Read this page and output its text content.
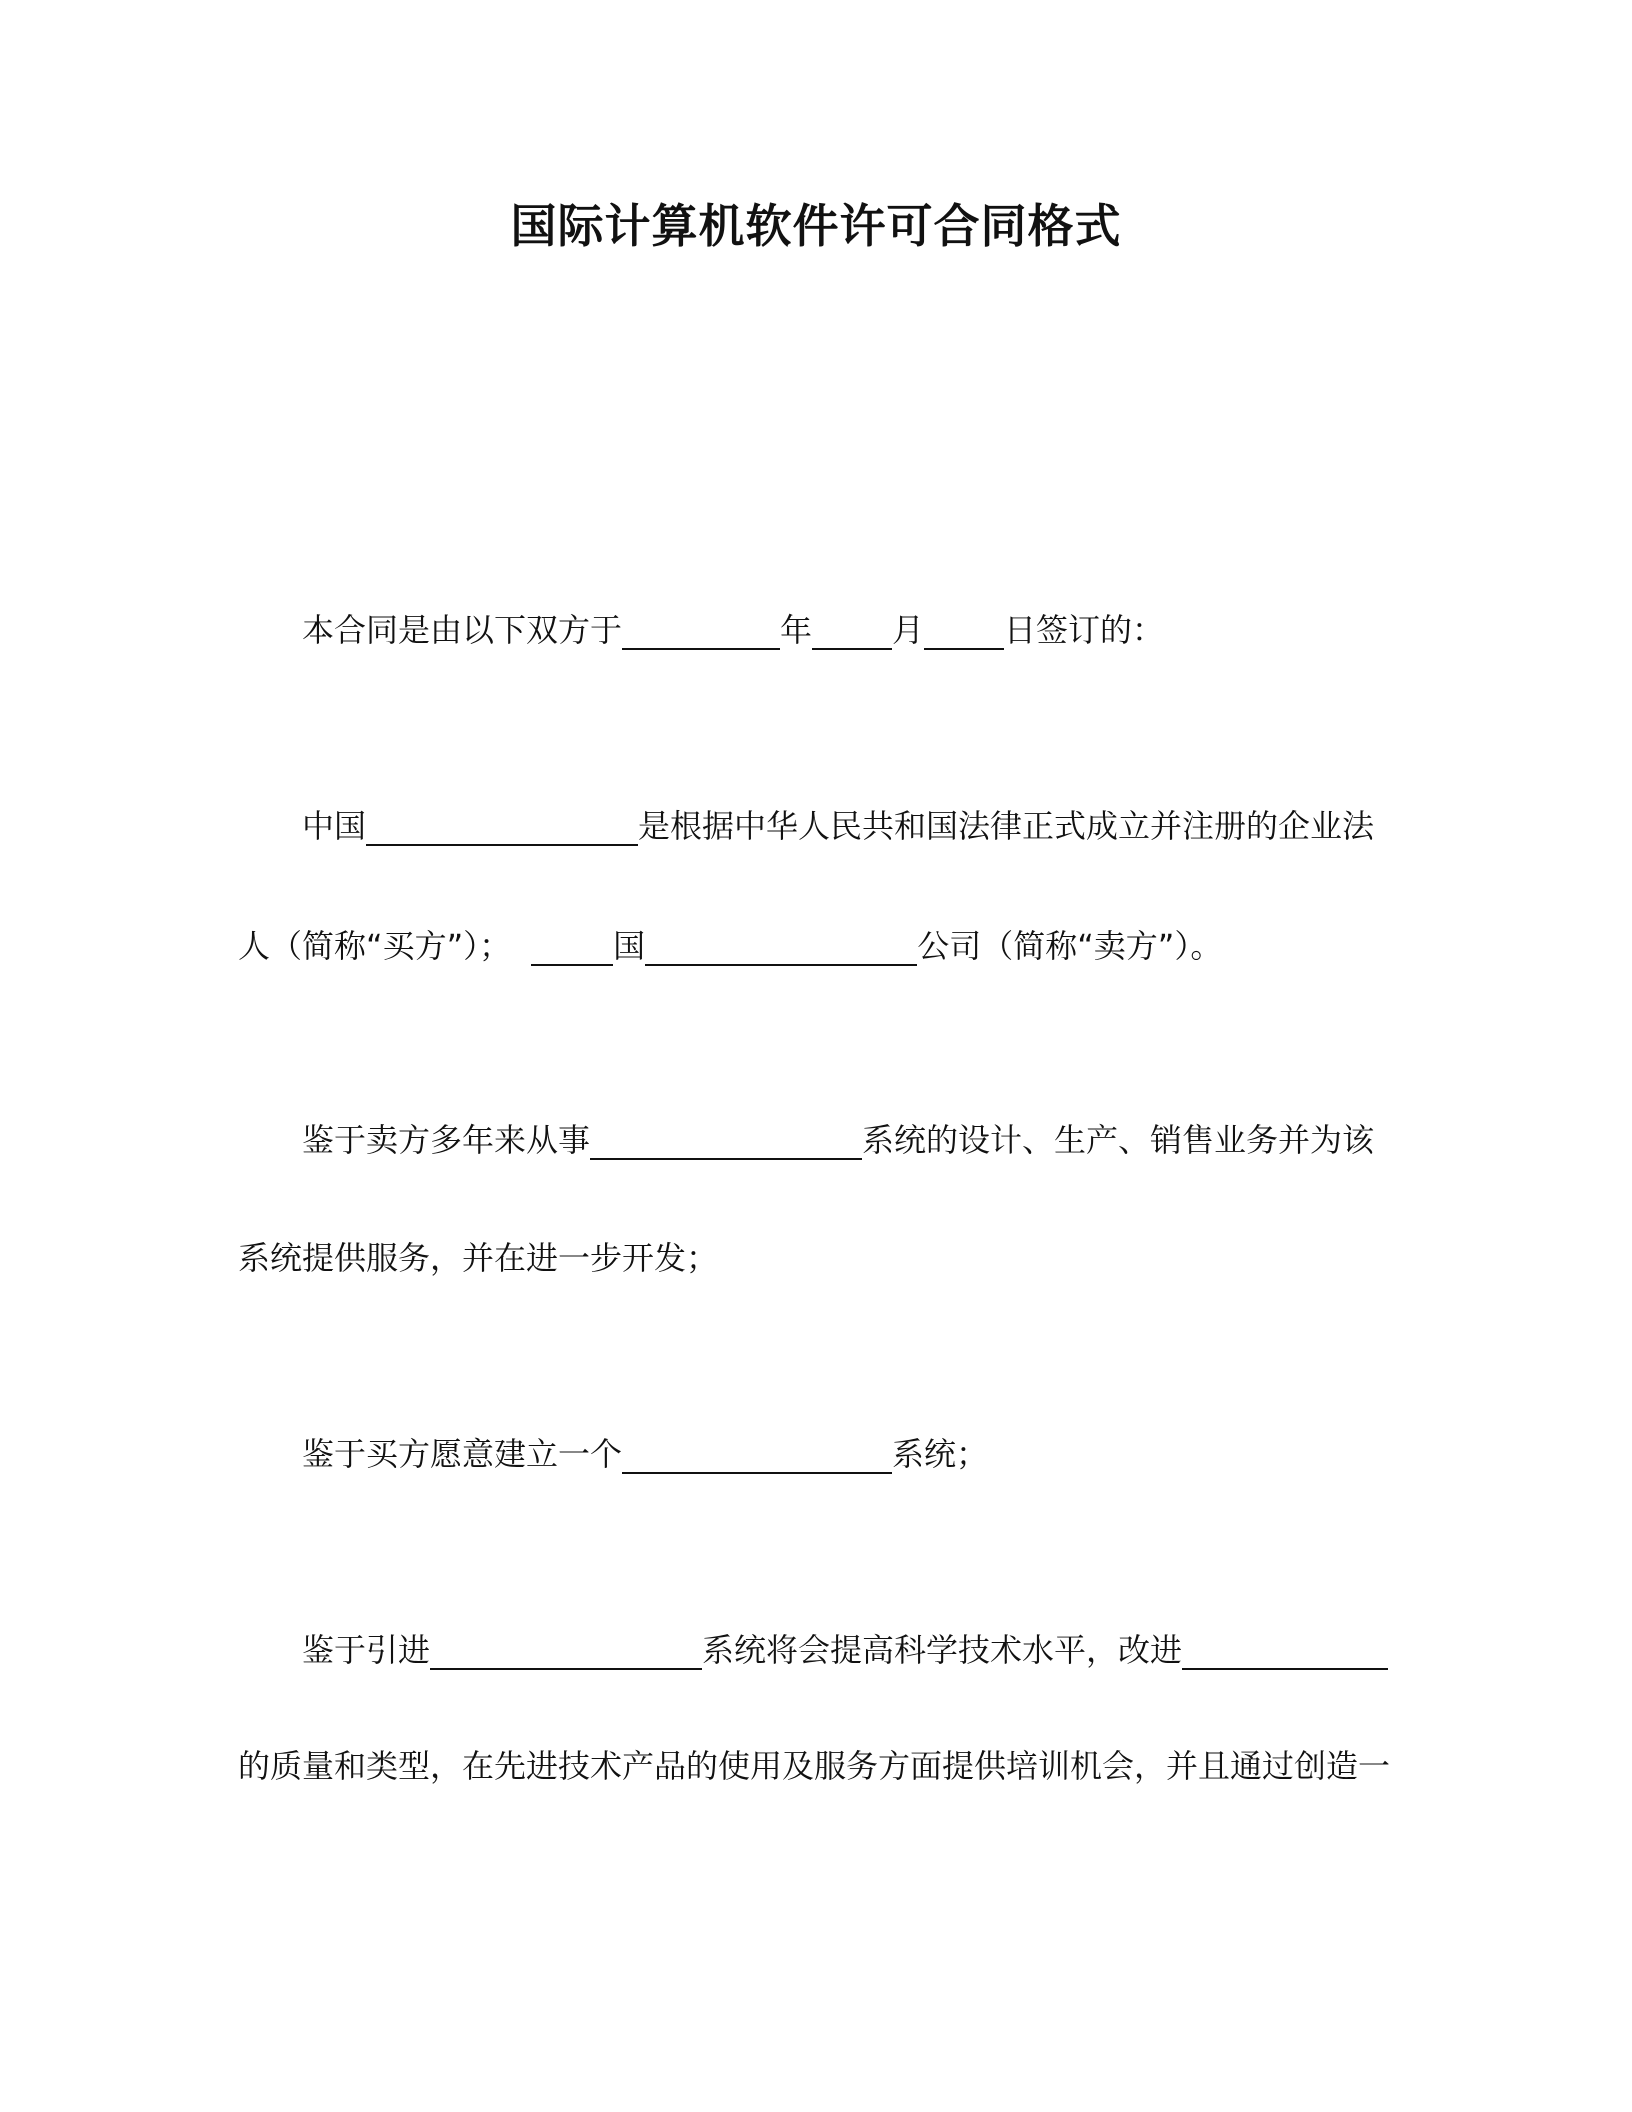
国际计算机软件许可合同格式
本合同是由以下双方于	年	月	日签订的：
中国	是根据中华人民共和国法律正式成立并注册的企业法
人（简称“买方”）；	国	公司（简称“卖方”）。
鉴于卖方多年来从事	系统的设计、生产、销售业务并为该
系统提供服务，并在进一步开发；
鉴于买方愿意建立一个	系统；
鉴于引进	系统将会提高科学技术水平，改进
的质量和类型，在先进技术产品的使用及服务方面提供培训机会，并且通过创造一
